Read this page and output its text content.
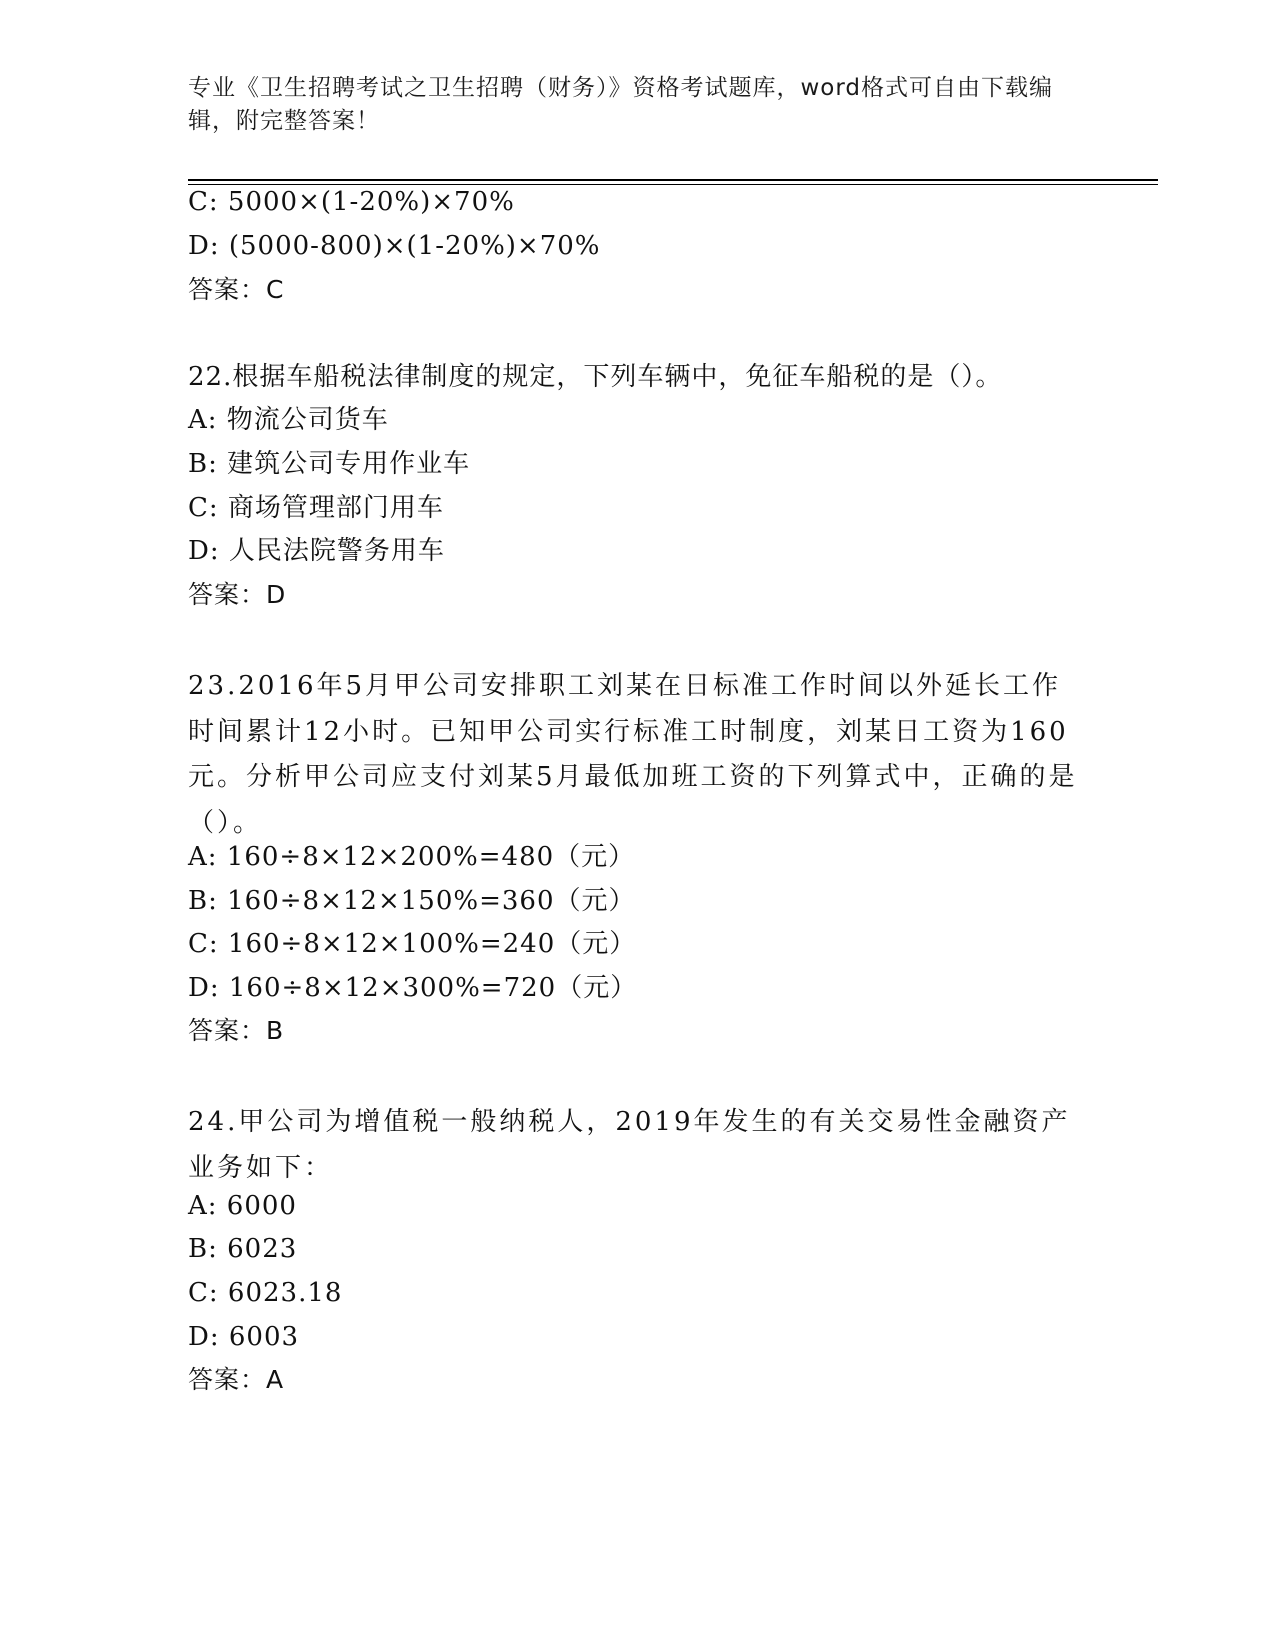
专业《卫生招聘考试之卫生招聘（财务）》资格考试题库，word格式可自由下载编辑，附完整答案！
C: 5000×(1-20%)×70%
D: (5000-800)×(1-20%)×70%
答案：C
22.根据车船税法律制度的规定，下列车辆中，免征车船税的是（）。
A: 物流公司货车
B: 建筑公司专用作业车
C: 商场管理部门用车
D: 人民法院警务用车
答案：D
23.2016年5月甲公司安排职工刘某在日标准工作时间以外延长工作时间累计12小时。已知甲公司实行标准工时制度，刘某日工资为160元。分析甲公司应支付刘某5月最低加班工资的下列算式中，正确的是（）。
A: 160÷8×12×200%=480（元）
B: 160÷8×12×150%=360（元）
C: 160÷8×12×100%=240（元）
D: 160÷8×12×300%=720（元）
答案：B
24.甲公司为增值税一般纳税人，2019年发生的有关交易性金融资产业务如下：
A: 6000
B: 6023
C: 6023.18
D: 6003
答案：A
